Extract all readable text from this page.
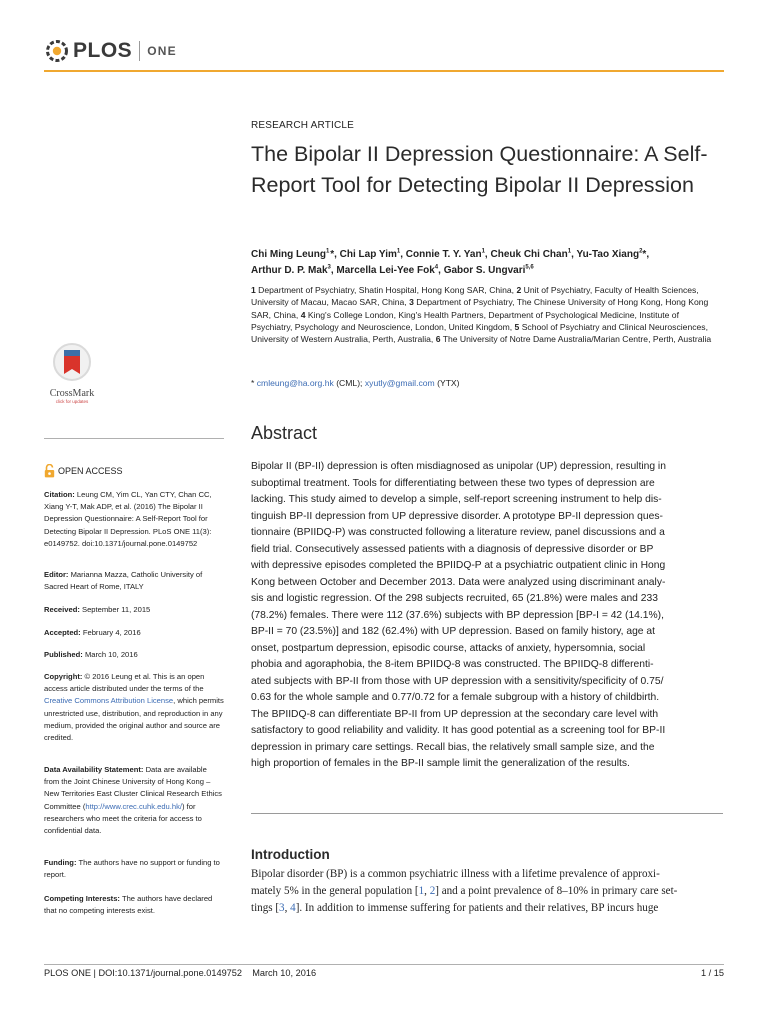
PLOS ONE
RESEARCH ARTICLE
The Bipolar II Depression Questionnaire: A Self-Report Tool for Detecting Bipolar II Depression
Chi Ming Leung$^1$ *, Chi Lap Yim$^1$, Connie T. Y. Yan$^1$, Cheuk Chi Chan$^1$, Yu-Tao Xiang$^2$*,
Arthur D. P. Mak$^3$, Marcella Lei-Yee Fok$^4$, Gabor S. Ungvari$^{5,6}$
1 Department of Psychiatry, Shatin Hospital, Hong Kong SAR, China, 2 Unit of Psychiatry, Faculty of Health Sciences, University of Macau, Macao SAR, China, 3 Department of Psychiatry, The Chinese University of Hong Kong, Hong Kong SAR, China, 4 King's College London, King's Health Partners, Department of Psychological Medicine, Institute of Psychiatry, Psychology and Neuroscience, London, United Kingdom, 5 School of Psychiatry and Clinical Neurosciences, University of Western Australia, Perth, Australia, 6 The University of Notre Dame Australia/Marian Centre, Perth, Australia
* cmleung@ha.org.hk (CML); xyutly@gmail.com (YTX)
Abstract
Bipolar II (BP-II) depression is often misdiagnosed as unipolar (UP) depression, resulting in
suboptimal treatment. Tools for differentiating between these two types of depression are
lacking. This study aimed to develop a simple, self-report screening instrument to help dis-
tinguish BP-II depression from UP depressive disorder. A prototype BP-II depression ques-
tionnaire (BPIIDQ-P) was constructed following a literature review, panel discussions and a
field trial. Consecutively assessed patients with a diagnosis of depressive disorder or BP
with depressive episodes completed the BPIIDQ-P at a psychiatric outpatient clinic in Hong
Kong between October and December 2013. Data were analyzed using discriminant analy-
sis and logistic regression. Of the 298 subjects recruited, 65 (21.8%) were males and 233
(78.2%) females. There were 112 (37.6%) subjects with BP depression [BP-I = 42 (14.1%),
BP-II = 70 (23.5%)] and 182 (62.4%) with UP depression. Based on family history, age at
onset, postpartum depression, episodic course, attacks of anxiety, hypersomnia, social
phobia and agoraphobia, the 8-item BPIIDQ-8 was constructed. The BPIIDQ-8 differenti-
ated subjects with BP-II from those with UP depression with a sensitivity/specificity of 0.75/
0.63 for the whole sample and 0.77/0.72 for a female subgroup with a history of childbirth.
The BPIIDQ-8 can differentiate BP-II from UP depression at the secondary care level with
satisfactory to good reliability and validity. It has good potential as a screening tool for BP-II
depression in primary care settings. Recall bias, the relatively small sample size, and the
high proportion of females in the BP-II sample limit the generalization of the results.
Introduction
Bipolar disorder (BP) is a common psychiatric illness with a lifetime prevalence of approxi-
mately 5% in the general population [1, 2] and a point prevalence of 8–10% in primary care set-
tings [3, 4]. In addition to immense suffering for patients and their relatives, BP incurs huge
CrossMark
click for updates
OPEN ACCESS
Citation: Leung CM, Yim CL, Yan CTY, Chan CC, Xiang Y-T, Mak ADP, et al. (2016) The Bipolar II Depression Questionnaire: A Self-Report Tool for Detecting Bipolar II Depression. PLoS ONE 11(3): e0149752. doi:10.1371/journal.pone.0149752
Editor: Marianna Mazza, Catholic University of Sacred Heart of Rome, ITALY
Received: September 11, 2015
Accepted: February 4, 2016
Published: March 10, 2016
Copyright: © 2016 Leung et al. This is an open access article distributed under the terms of the Creative Commons Attribution License, which permits unrestricted use, distribution, and reproduction in any medium, provided the original author and source are credited.
Data Availability Statement: Data are available from the Joint Chinese University of Hong Kong – New Territories East Cluster Clinical Research Ethics Committee (http://www.crec.cuhk.edu.hk/) for researchers who meet the criteria for access to confidential data.
Funding: The authors have no support or funding to report.
Competing Interests: The authors have declared that no competing interests exist.
PLOS ONE | DOI:10.1371/journal.pone.0149752    March 10, 2016	1 / 15
